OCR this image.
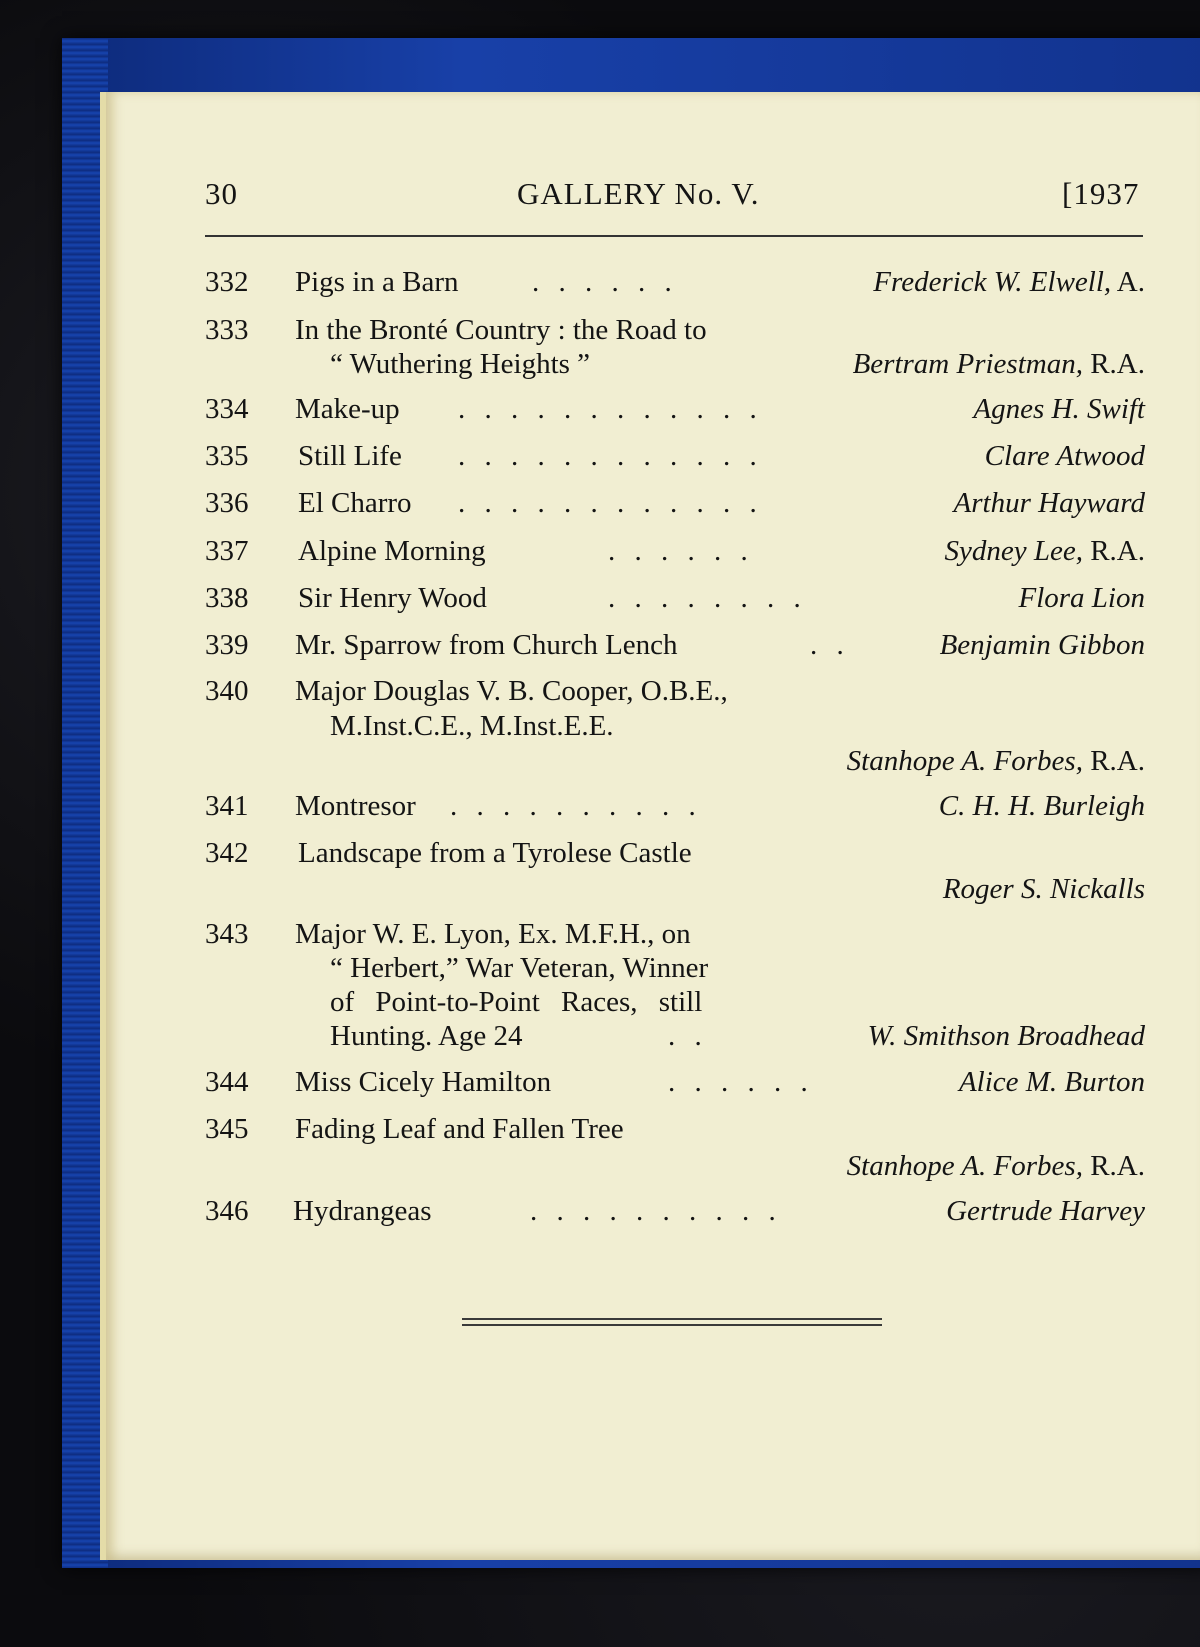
30	GALLERY No. V.	[1937
332 Pigs in a Barn	. . . . . .	Frederick W. Elwell, A.
333 In the Bronté Country : the Road to
“ Wuthering Heights ”	Bertram Priestman, R.A.
334 Make-up . . . . . . . . . . . .	Agnes H. Swift
335 Still Life . . . . . . . . . . . .	Clare Atwood
336 El Charro . . . . . . . . . . . .	Arthur Hayward
337 Alpine Morning	. . . . . .	Sydney Lee, R.A.
338 Sir Henry Wood	. . . . . . . .	Flora Lion
339 Mr. Sparrow from Church Lench	. .	Benjamin Gibbon
340 Major Douglas V. B. Cooper, O.B.E.,
M.Inst.C.E., M.Inst.E.E.
Stanhope A. Forbes, R.A.
341 Montresor . . . . . . . . . .	C. H. H. Burleigh
342 Landscape from a Tyrolese Castle
Roger S. Nickalls
343 Major W. E. Lyon, Ex. M.F.H., on
“ Herbert,” War Veteran, Winner
of Point-to-Point Races, still
Hunting. Age 24	. .	W. Smithson Broadhead
344 Miss Cicely Hamilton	. . . . . .	Alice M. Burton
345 Fading Leaf and Fallen Tree
Stanhope A. Forbes, R.A.
346 Hydrangeas	. . . . . . . . . .	Gertrude Harvey
